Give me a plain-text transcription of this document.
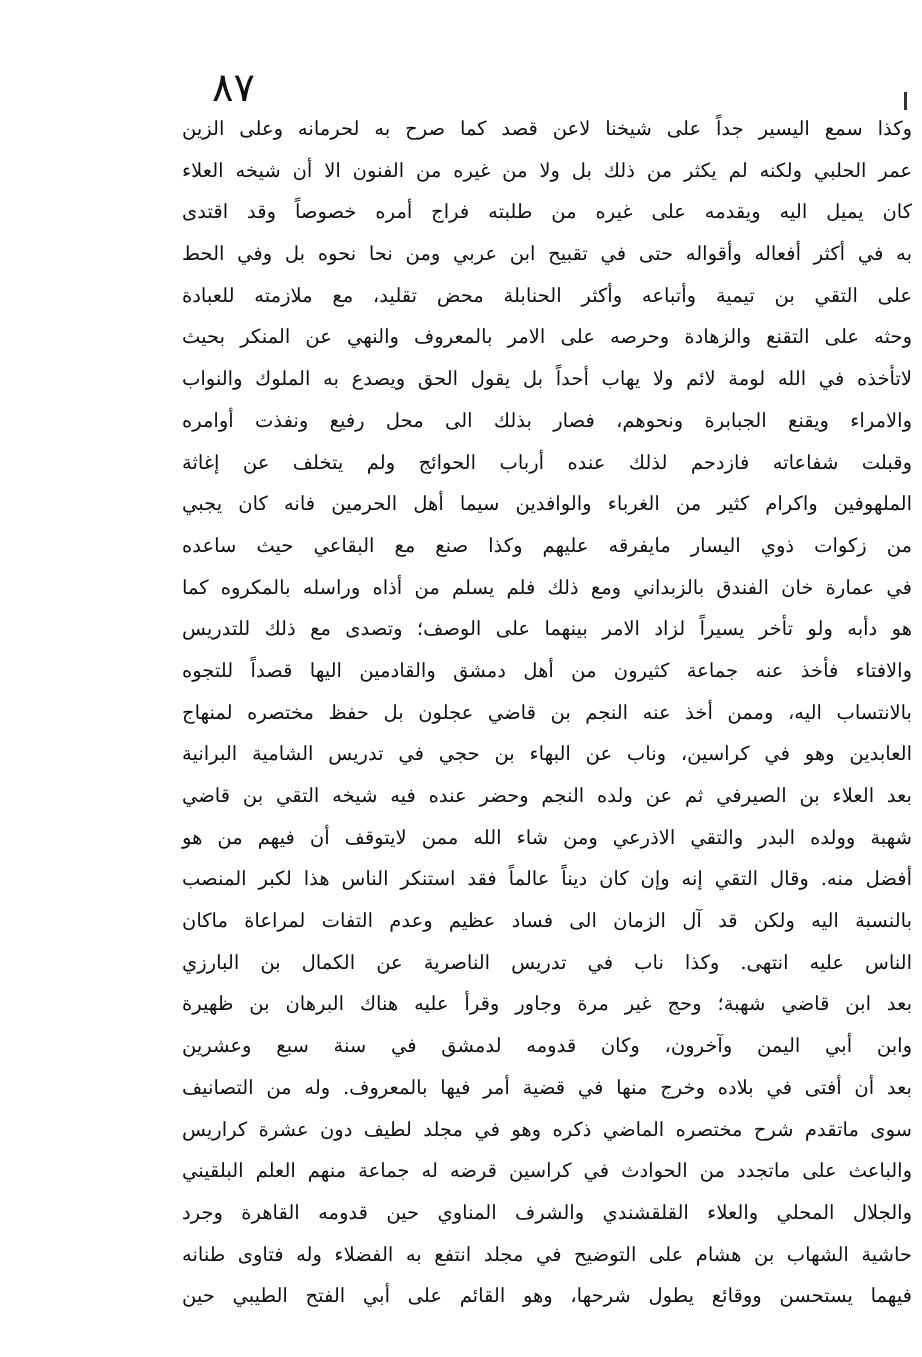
٨٧
وكذا سمع اليسير جداً على شيخنا لاعن قصد كما صرح به لحرمانه وعلى الزين
عمر الحلبي ولكنه لم يكثر من ذلك بل ولا من غيره من الفنون الا أن شيخه العلاء
كان يميل اليه ويقدمه على غيره من طلبته فراج أمره خصوصاً وقد اقتدى
به في أكثر أفعاله وأقواله حتى في تقبيح ابن عربي ومن نحا نحوه بل وفي الحط
على التقي بن تيمية وأتباعه وأكثر الحنابلة محض تقليد، مع ملازمته للعبادة
وحثه على التقنع والزهادة وحرصه على الامر بالمعروف والنهي عن المنكر بحيث
لاتأخذه في الله لومة لائم ولا يهاب أحداً بل يقول الحق ويصدع به الملوك والنواب
والامراء ويقنع الجبابرة ونحوهم، فصار بذلك الى محل رفيع ونفذت أوامره
وقبلت شفاعاته فازدحم لذلك عنده أرباب الحوائج ولم يتخلف عن إغاثة
الملهوفين واكرام كثير من الغرباء والوافدين سيما أهل الحرمين فانه كان يجبي
من زكوات ذوي اليسار مايفرقه عليهم وكذا صنع مع البقاعي حيث ساعده
في عمارة خان الفندق بالزبداني ومع ذلك فلم يسلم من أذاه وراسله بالمكروه كما
هو دأبه ولو تأخر يسيراً لزاد الامر بينهما على الوصف؛ وتصدى مع ذلك للتدريس
والافتاء فأخذ عنه جماعة كثيرون من أهل دمشق والقادمين اليها قصداً للتجوه
بالانتساب اليه، وممن أخذ عنه النجم بن قاضي عجلون بل حفظ مختصره لمنهاج
العابدين وهو في كراسين، وناب عن البهاء بن حجي في تدريس الشامية البرانية
بعد العلاء بن الصيرفي ثم عن ولده النجم وحضر عنده فيه شيخه التقي بن قاضي
شهبة وولده البدر والتقي الاذرعي ومن شاء الله ممن لايتوقف أن فيهم من هو
أفضل منه. وقال التقي إنه وإن كان ديناً عالماً فقد استنكر الناس هذا لكبر المنصب
بالنسبة اليه ولكن قد آل الزمان الى فساد عظيم وعدم التفات لمراعاة ماكان
الناس عليه انتهى. وكذا ناب في تدريس الناصرية عن الكمال بن البارزي
بعد ابن قاضي شهبة؛ وحج غير مرة وجاور وقرأ عليه هناك البرهان بن ظهيرة
وابن أبي اليمن وآخرون، وكان قدومه لدمشق في سنة سبع وعشرين
بعد أن أفتى في بلاده وخرج منها في قضية أمر فيها بالمعروف. وله من التصانيف
سوى ماتقدم شرح مختصره الماضي ذكره وهو في مجلد لطيف دون عشرة كراريس
والباعث على ماتجدد من الحوادث في كراسين قرضه له جماعة منهم العلم البلقيني
والجلال المحلي والعلاء القلقشندي والشرف المناوي حين قدومه القاهرة وجرد
حاشية الشهاب بن هشام على التوضيح في مجلد انتفع به الفضلاء وله فتاوى طنانه
فيهما يستحسن ووقائع يطول شرحها، وهو القائم على أبي الفتح الطيبي حين
